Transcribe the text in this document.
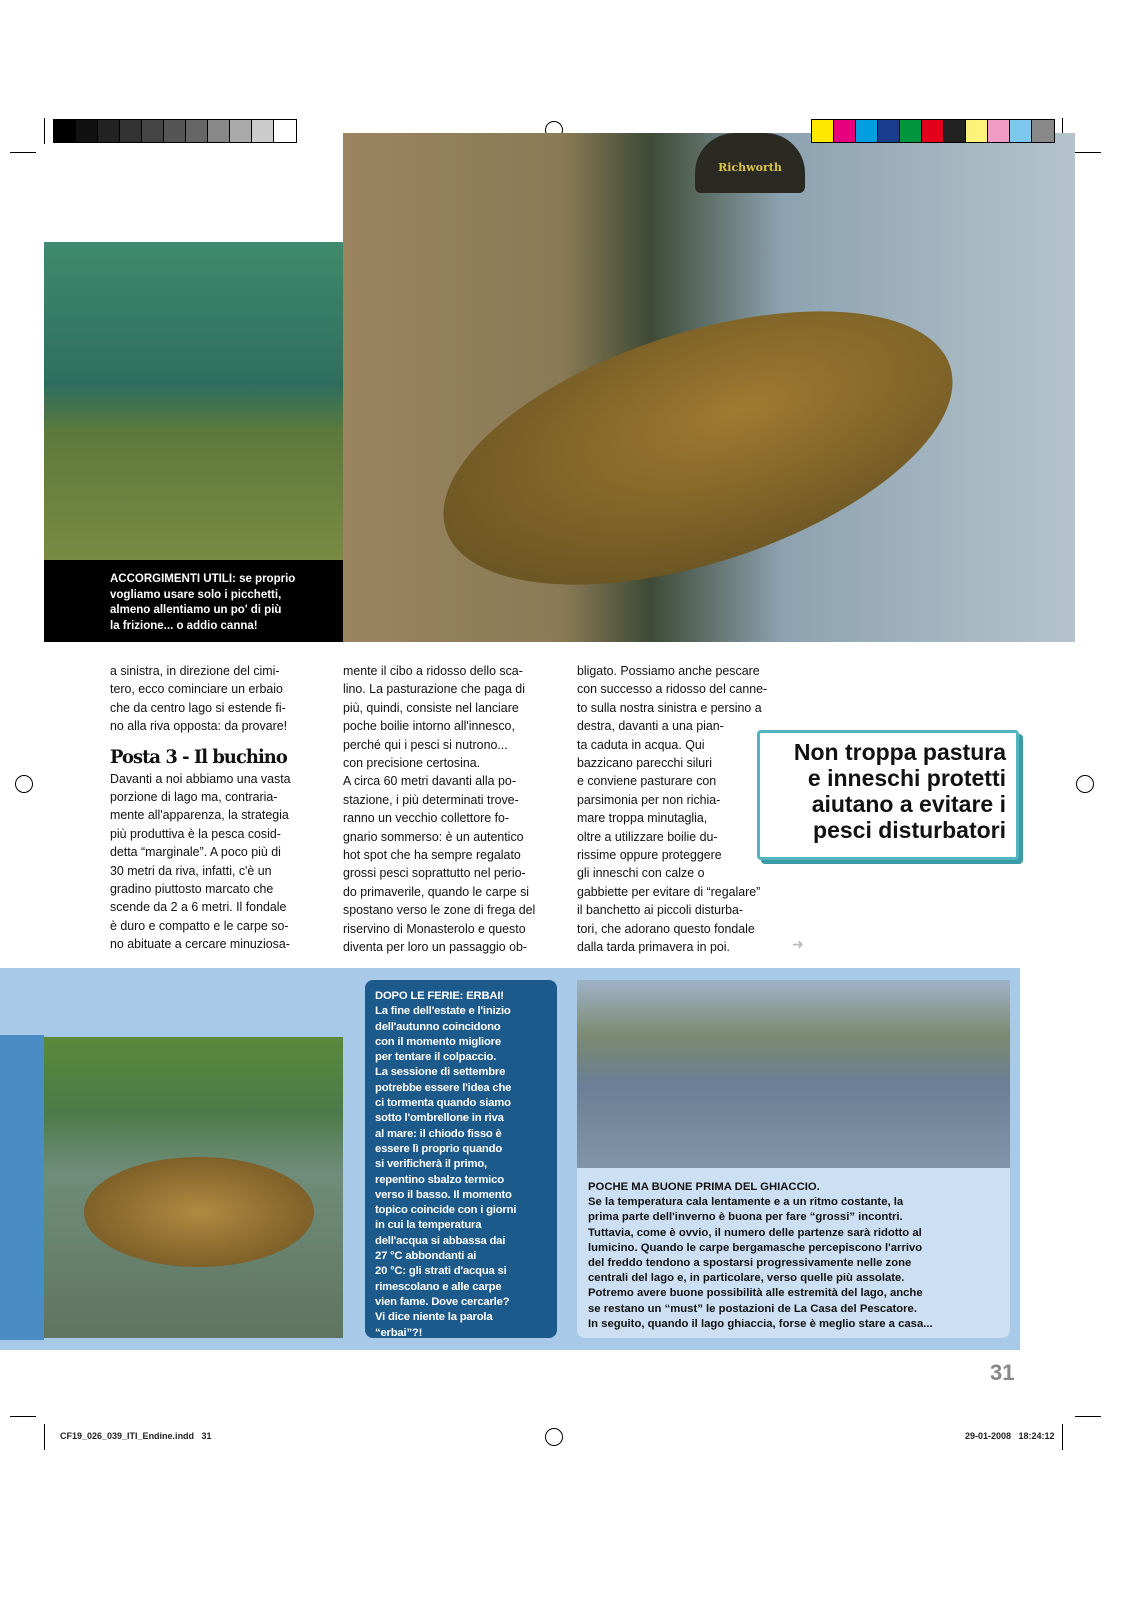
ACCORGIMENTI UTILI: se proprio
vogliamo usare solo i picchetti,
almeno allentiamo un po' di più
la frizione... o addio canna!
Richworth
a sinistra, in direzione del cimi-
tero, ecco cominciare un erbaio
che da centro lago si estende fi-
no alla riva opposta: da provare!
Posta 3 - Il buchino
Davanti a noi abbiamo una vasta
porzione di lago ma, contraria-
mente all'apparenza, la strategia
più produttiva è la pesca cosid-
detta “marginale”. A poco più di
30 metri da riva, infatti, c'è un
gradino piuttosto marcato che
scende da 2 a 6 metri. Il fondale
è duro e compatto e le carpe so-
no abituate a cercare minuziosa-
mente il cibo a ridosso dello sca-
lino. La pasturazione che paga di
più, quindi, consiste nel lanciare
poche boilie intorno all'innesco,
perché qui i pesci si nutrono...
con precisione certosina.
A circa 60 metri davanti alla po-
stazione, i più determinati trove-
ranno un vecchio collettore fo-
gnario sommerso: è un autentico
hot spot che ha sempre regalato
grossi pesci soprattutto nel perio-
do primaverile, quando le carpe si
spostano verso le zone di frega del
riservino di Monasterolo e questo
diventa per loro un passaggio ob-
bligato. Possiamo anche pescare
con successo a ridosso del canne-
to sulla nostra sinistra e persino a
destra, davanti a una pian-
ta caduta in acqua. Qui
bazzicano parecchi siluri
e conviene pasturare con
parsimonia per non richia-
mare troppa minutaglia,
oltre a utilizzare boilie du-
rissime oppure proteggere
gli inneschi con calze o
gabbiette per evitare di “regalare”
il banchetto ai piccoli disturba-
tori, che adorano questo fondale
dalla tarda primavera in poi.	➜
Non troppa pastura
e inneschi protetti
aiutano a evitare i
pesci disturbatori
DOPO LE FERIE: ERBAI!
La fine dell'estate e l'inizio
dell'autunno coincidono
con il momento migliore
per tentare il colpaccio.
La sessione di settembre
potrebbe essere l'idea che
ci tormenta quando siamo
sotto l'ombrellone in riva
al mare: il chiodo fisso è
essere lì proprio quando
si verificherà il primo,
repentino sbalzo termico
verso il basso. Il momento
topico coincide con i giorni
in cui la temperatura
dell'acqua si abbassa dai
27 °C abbondanti ai
20 °C: gli strati d'acqua si
rimescolano e alle carpe
vien fame. Dove cercarle?
Vi dice niente la parola
“erbai”?!
POCHE MA BUONE PRIMA DEL GHIACCIO.
Se la temperatura cala lentamente e a un ritmo costante, la
prima parte dell'inverno è buona per fare “grossi” incontri.
Tuttavia, come è ovvio, il numero delle partenze sarà ridotto al
lumicino. Quando le carpe bergamasche percepiscono l'arrivo
del freddo tendono a spostarsi progressivamente nelle zone
centrali del lago e, in particolare, verso quelle più assolate.
Potremo avere buone possibilità alle estremità del lago, anche
se restano un “must” le postazioni de La Casa del Pescatore.
In seguito, quando il lago ghiaccia, forse è meglio stare a casa...
31
CF19_026_039_ITI_Endine.indd   31	29-01-2008   18:24:12
